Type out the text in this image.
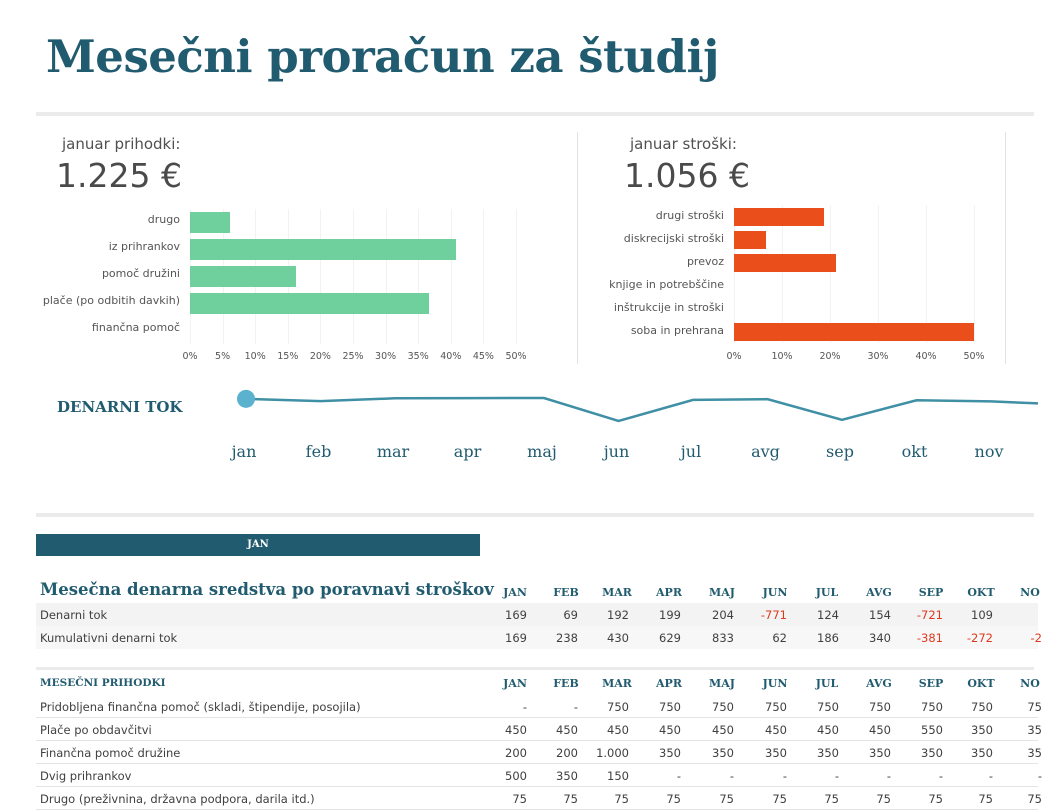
Mesečni proračun za študij
januar prihodki:
1.225 €
0% 5% 10% 15% 20% 25% 30% 35% 40% 45% 50%
drugo
iz prihrankov
pomoč družini
plače (po odbitih davkih)
finančna pomoč
januar stroški:
1.056 €
0%	10%	20%	30%	40%	50%
drugi stroški
diskrecijski stroški
prevoz
knjige in potrebščine
inštrukcije in stroški
soba in prehrana
DENARNI TOK
jan	feb	mar	apr	maj	jun	jul	avg	sep	okt	nov
JAN
Mesečna denarna sredstva po poravnavi stroškov JAN FEB MAR APR MAJ	JUN	JUL	AVG SEP OKT NO
Denarni tok	169	69	192	199	204 -771	124	154 -721 109
Kumulativni denarni tok	169	238	430	629	833	62	186	340 -381 -272	-2
MESEČNI PRIHODKI	JAN FEB MAR APR MAJ	JUN	JUL	AVG SEP OKT NO
Pridobljena finančna pomoč (skladi, štipendije, posojila)	-	-	750	750	750	750	750	750	750 750	75
Plače po obdavčitvi	450	450	450	450	450	450	450	450	550 350	35
Finančna pomoč družine	200	200 1.000	350	350	350	350	350	350 350	35
Dvig prihrankov	500	350	150	-	-	-	-	-	-	-	-
Drugo (preživnina, državna podpora, darila itd.)	75	75	75	75	75	75	75	75	75	75	75
